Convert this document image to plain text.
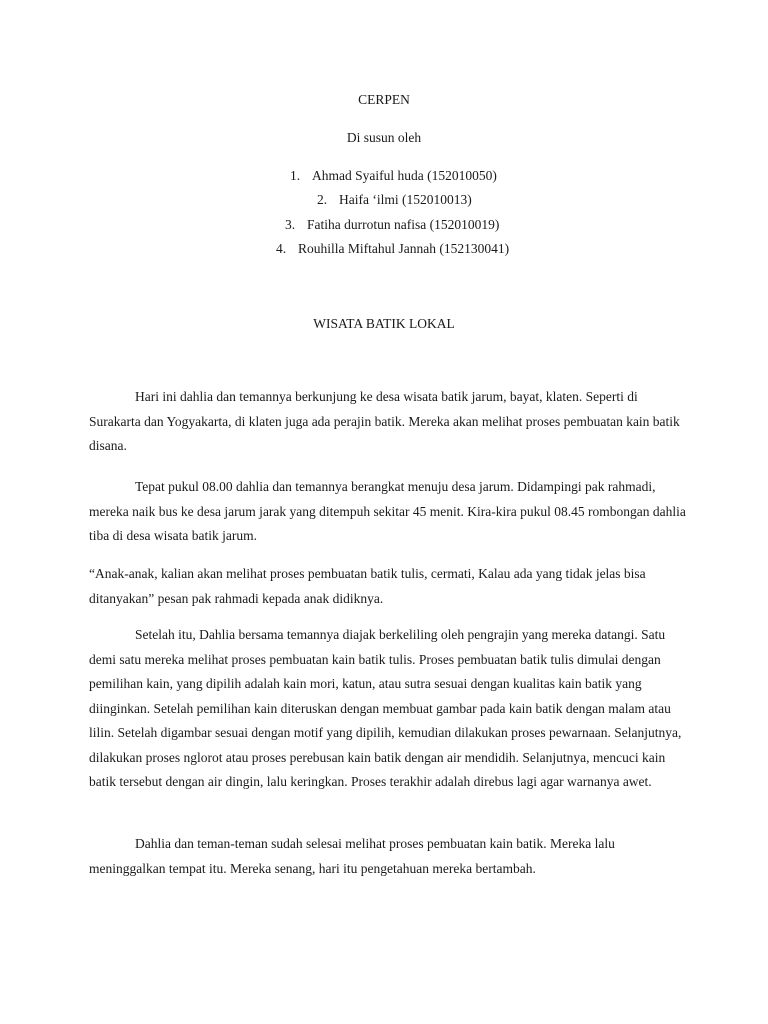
CERPEN
Di susun oleh
1. Ahmad Syaiful huda (152010050)
2. Haifa ‘ilmi (152010013)
3. Fatiha durrotun nafisa (152010019)
4. Rouhilla Miftahul Jannah (152130041)
WISATA BATIK LOKAL

Hari ini dahlia dan temannya berkunjung ke desa wisata batik jarum, bayat, klaten. Seperti di Surakarta dan Yogyakarta, di klaten juga ada perajin batik. Mereka akan melihat proses pembuatan kain batik disana.

Tepat pukul 08.00 dahlia dan temannya berangkat menuju desa jarum. Didampingi pak rahmadi, mereka naik bus ke desa jarum jarak yang ditempuh sekitar 45 menit. Kira-kira pukul 08.45 rombongan dahlia tiba di desa wisata batik jarum.

“Anak-anak, kalian akan melihat proses pembuatan batik tulis, cermati, Kalau ada yang tidak jelas bisa ditanyakan” pesan pak rahmadi kepada anak didiknya.

Setelah itu, Dahlia bersama temannya diajak berkeliling oleh pengrajin yang mereka datangi. Satu demi satu mereka melihat proses pembuatan kain batik tulis. Proses pembuatan batik tulis dimulai dengan pemilihan kain, yang dipilih adalah kain mori, katun, atau sutra sesuai dengan kualitas kain batik yang diinginkan. Setelah pemilihan kain diteruskan dengan membuat gambar pada kain batik dengan malam atau lilin. Setelah digambar sesuai dengan motif yang dipilih, kemudian dilakukan proses pewarnaan. Selanjutnya, dilakukan proses nglorot atau proses perebusan kain batik dengan air mendidih. Selanjutnya, mencuci kain batik tersebut dengan air dingin, lalu keringkan. Proses terakhir adalah direbus lagi agar warnanya awet.

Dahlia dan teman-teman sudah selesai melihat proses pembuatan kain batik. Mereka lalu meninggalkan tempat itu. Mereka senang, hari itu pengetahuan mereka bertambah.
